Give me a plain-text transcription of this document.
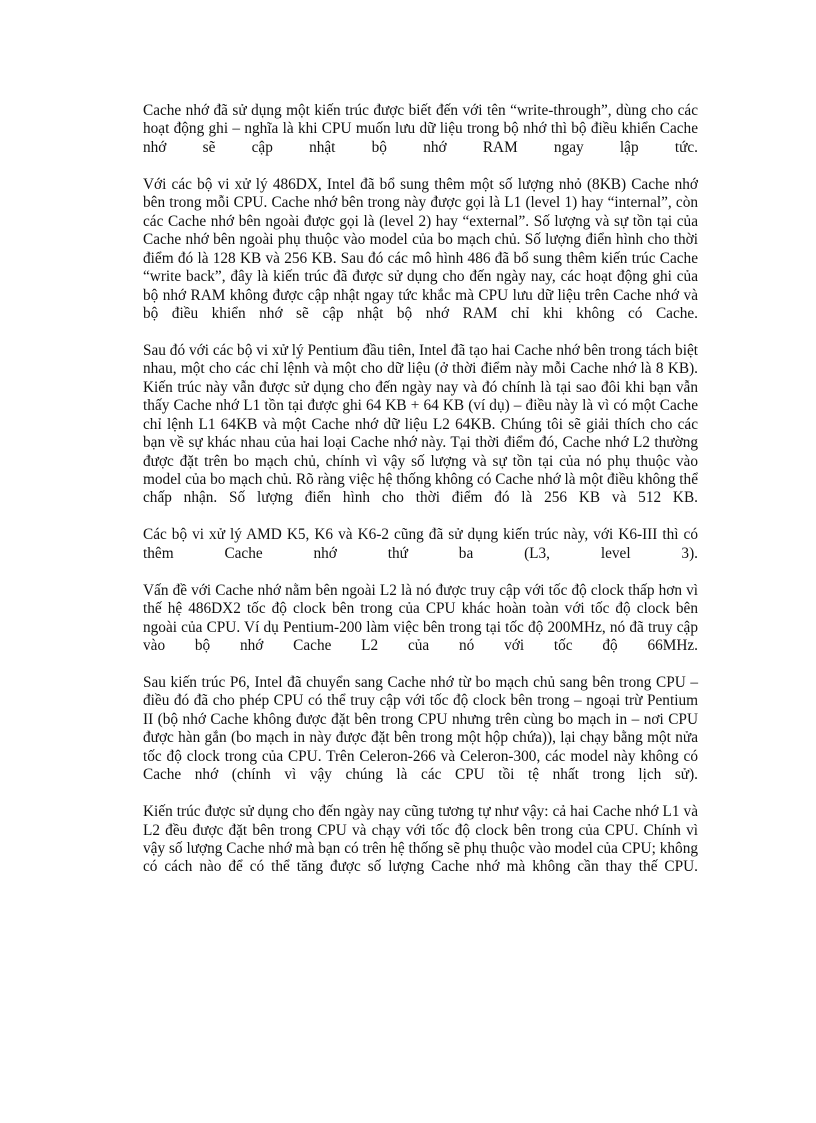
Cache nhớ đã sử dụng một kiến trúc được biết đến với tên “write-through”, dùng cho các hoạt động ghi – nghĩa là khi CPU muốn lưu dữ liệu trong bộ nhớ thì bộ điều khiển Cache nhớ sẽ cập nhật bộ nhớ RAM ngay lập tức.

Với các bộ vi xử lý 486DX, Intel đã bổ sung thêm một số lượng nhỏ (8KB) Cache nhớ bên trong mỗi CPU. Cache nhớ bên trong này được gọi là L1 (level 1) hay “internal”, còn các Cache nhớ bên ngoài được gọi là (level 2) hay “external”. Số lượng và sự tồn tại của Cache nhớ bên ngoài phụ thuộc vào model của bo mạch chủ. Số lượng điển hình cho thời điểm đó là 128 KB và 256 KB. Sau đó các mô hình 486 đã bổ sung thêm kiến trúc Cache “write back”, đây là kiến trúc đã được sử dụng cho đến ngày nay, các hoạt động ghi của bộ nhớ RAM không được cập nhật ngay tức khắc mà CPU lưu dữ liệu trên Cache nhớ và bộ điều khiển nhớ sẽ cập nhật bộ nhớ RAM chỉ khi không có Cache.

Sau đó với các bộ vi xử lý Pentium đầu tiên, Intel đã tạo hai Cache nhớ bên trong tách biệt nhau, một cho các chỉ lệnh và một cho dữ liệu (ở thời điểm này mỗi Cache nhớ là 8 KB). Kiến trúc này vẫn được sử dụng cho đến ngày nay và đó chính là tại sao đôi khi bạn vẫn thấy Cache nhớ L1 tồn tại được ghi 64 KB + 64 KB (ví dụ) – điều này là vì có một Cache chỉ lệnh L1 64KB và một Cache nhớ dữ liệu L2 64KB. Chúng tôi sẽ giải thích cho các bạn về sự khác nhau của hai loại Cache nhớ này. Tại thời điểm đó, Cache nhớ L2 thường được đặt trên bo mạch chủ, chính vì vậy số lượng và sự tồn tại của nó phụ thuộc vào model của bo mạch chủ. Rõ ràng việc hệ thống không có Cache nhớ là một điều không thể chấp nhận. Số lượng điển hình cho thời điểm đó là 256 KB và 512 KB.

Các bộ vi xử lý AMD K5, K6 và K6-2 cũng đã sử dụng kiến trúc này, với K6-III thì có thêm Cache nhớ thứ ba (L3, level 3).

Vấn đề với Cache nhớ nằm bên ngoài L2 là nó được truy cập với tốc độ clock thấp hơn vì thế hệ 486DX2 tốc độ clock bên trong của CPU khác hoàn toàn với tốc độ clock bên ngoài của CPU. Ví dụ Pentium-200 làm việc bên trong tại tốc độ 200MHz, nó đã truy cập vào bộ nhớ Cache L2 của nó với tốc độ 66MHz.

Sau kiến trúc P6, Intel đã chuyển sang Cache nhớ từ bo mạch chủ sang bên trong CPU – điều đó đã cho phép CPU có thể truy cập với tốc độ clock bên trong – ngoại trừ Pentium II (bộ nhớ Cache không được đặt bên trong CPU nhưng trên cùng bo mạch in – nơi CPU được hàn gắn (bo mạch in này được đặt bên trong một hộp chứa)), lại chạy bằng một nửa tốc độ clock trong của CPU. Trên Celeron-266 và Celeron-300, các model này không có Cache nhớ (chính vì vậy chúng là các CPU tồi tệ nhất trong lịch sử).

Kiến trúc được sử dụng cho đến ngày nay cũng tương tự như vậy: cả hai Cache nhớ L1 và L2 đều được đặt bên trong CPU và chạy với tốc độ clock bên trong của CPU. Chính vì vậy số lượng Cache nhớ mà bạn có trên hệ thống sẽ phụ thuộc vào model của CPU; không có cách nào để có thể tăng được số lượng Cache nhớ mà không cần thay thế CPU.
